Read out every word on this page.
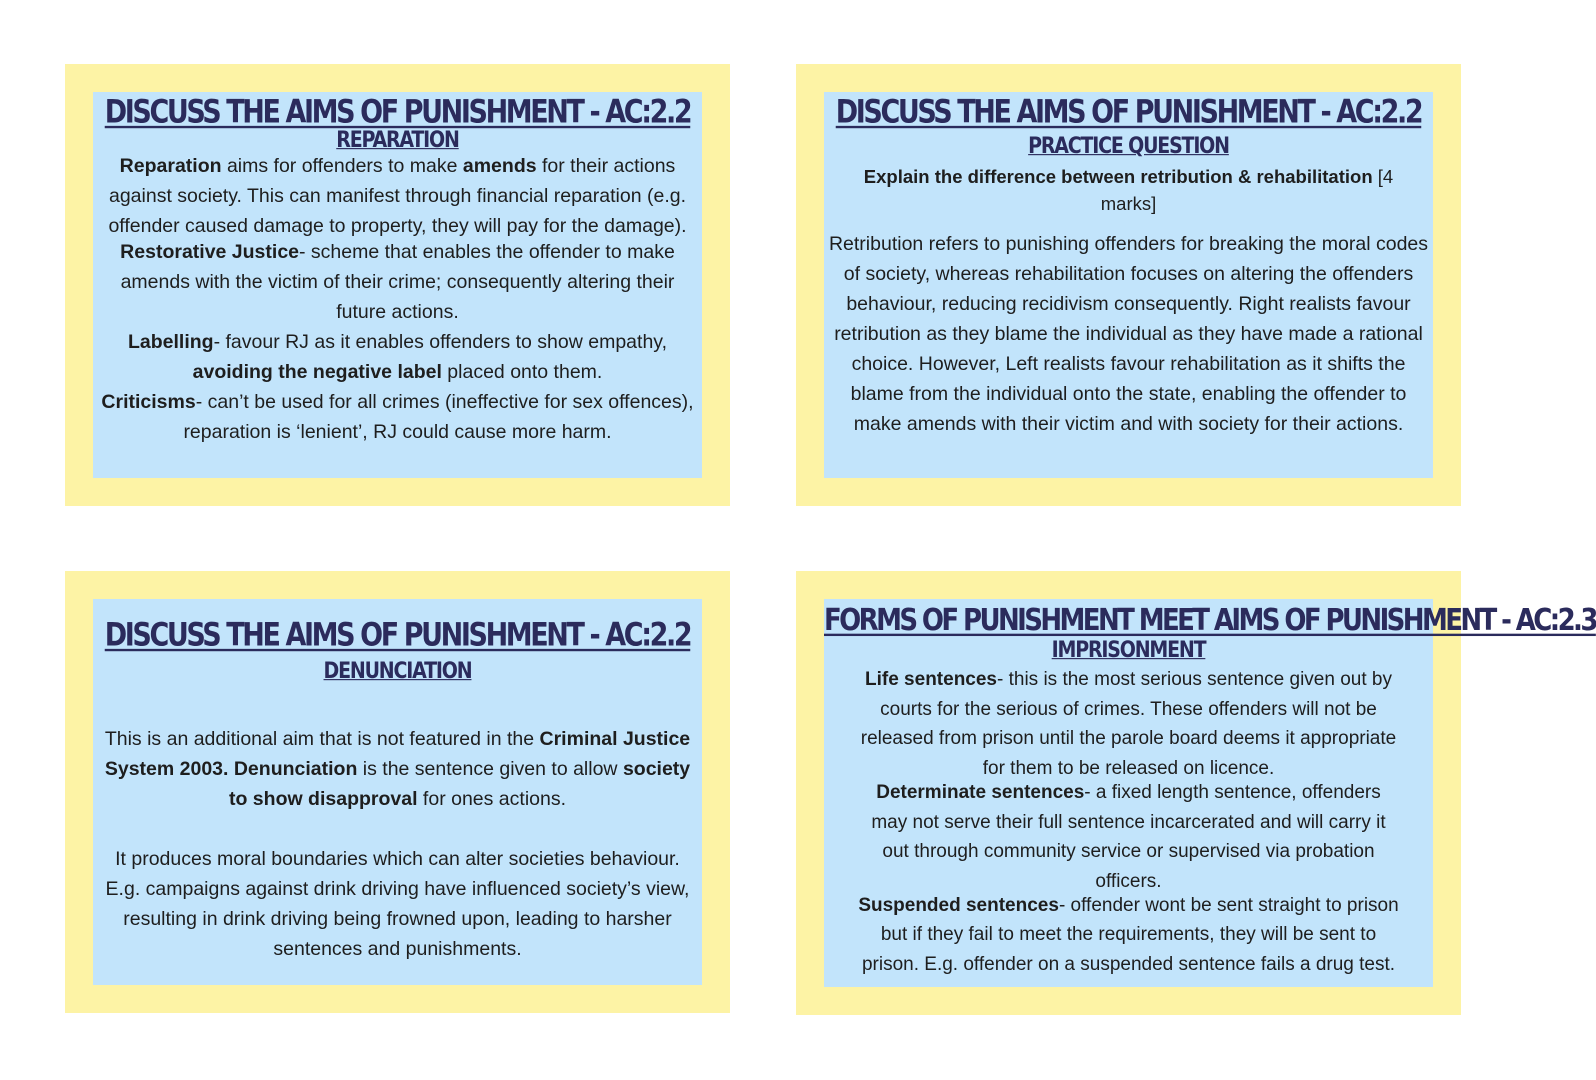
DISCUSS THE AIMS OF PUNISHMENT - AC:2.2
REPARATION

Reparation aims for offenders to make amends for their actions against society. This can manifest through financial reparation (e.g. offender caused damage to property, they will pay for the damage).

Restorative Justice- scheme that enables the offender to make amends with the victim of their crime; consequently altering their future actions.

Labelling- favour RJ as it enables offenders to show empathy, avoiding the negative label placed onto them.

Criticisms- can’t be used for all crimes (ineffective for sex offences), reparation is ‘lenient’, RJ could cause more harm.

DISCUSS THE AIMS OF PUNISHMENT - AC:2.2
PRACTICE QUESTION

Explain the difference between retribution & rehabilitation [4 marks]

Retribution refers to punishing offenders for breaking the moral codes of society, whereas rehabilitation focuses on altering the offenders behaviour, reducing recidivism consequently. Right realists favour retribution as they blame the individual as they have made a rational choice. However, Left realists favour rehabilitation as it shifts the blame from the individual onto the state, enabling the offender to make amends with their victim and with society for their actions.

DISCUSS THE AIMS OF PUNISHMENT - AC:2.2
DENUNCIATION

This is an additional aim that is not featured in the Criminal Justice System 2003. Denunciation is the sentence given to allow society to show disapproval for ones actions.

It produces moral boundaries which can alter societies behaviour. E.g. campaigns against drink driving have influenced society’s view, resulting in drink driving being frowned upon, leading to harsher sentences and punishments.

FORMS OF PUNISHMENT MEET AIMS OF PUNISHMENT - AC:2.3
IMPRISONMENT
Life sentences- this is the most serious sentence given out by
courts for the serious of crimes. These offenders will not be
released from prison until the parole board deems it appropriate
for them to be released on licence.
Determinate sentences- a fixed length sentence, offenders
may not serve their full sentence incarcerated and will carry it
out through community service or supervised via probation
officers.
Suspended sentences- offender wont be sent straight to prison
but if they fail to meet the requirements, they will be sent to
prison. E.g. offender on a suspended sentence fails a drug test.
